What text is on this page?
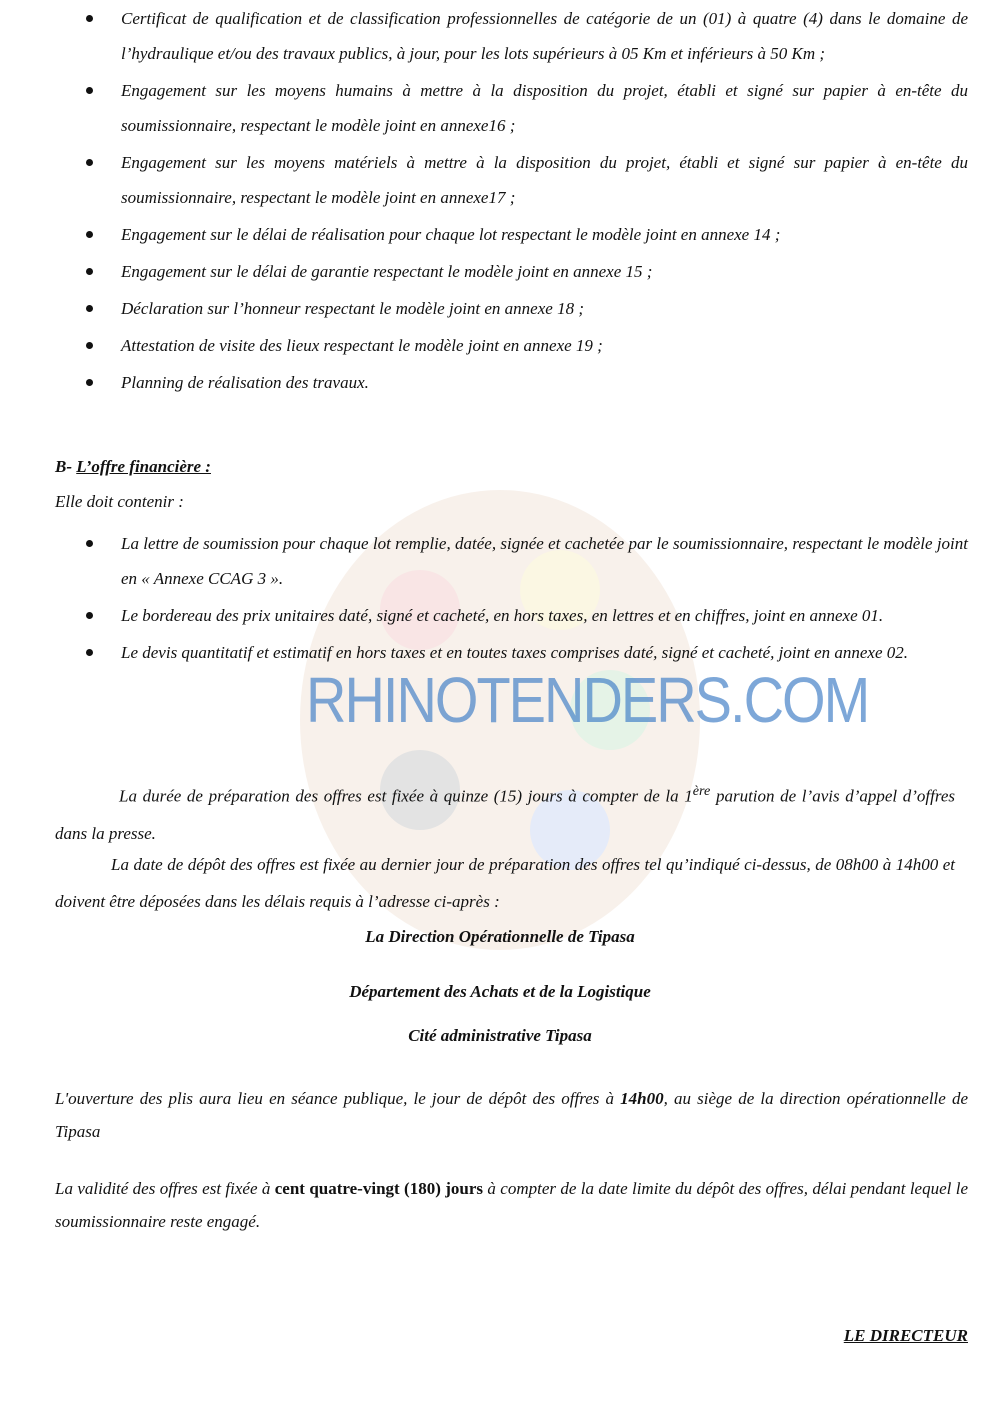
Certificat de qualification et de classification professionnelles de catégorie de un (01) à quatre (4) dans le domaine de l’hydraulique et/ou des travaux publics, à jour, pour les lots supérieurs à 05 Km et inférieurs à 50 Km ;
Engagement sur les moyens humains à mettre à la disposition du projet, établi et signé sur papier à en-tête du soumissionnaire, respectant le modèle joint en annexe16 ;
Engagement sur les moyens matériels à mettre à la disposition du projet, établi et signé sur papier à en-tête du soumissionnaire, respectant le modèle joint en annexe17 ;
Engagement sur le délai de réalisation pour chaque lot respectant le modèle joint en annexe 14 ;
Engagement sur le délai de garantie respectant le modèle joint en annexe 15 ;
Déclaration sur l’honneur respectant le modèle joint en annexe 18 ;
Attestation de visite des lieux respectant le modèle joint en annexe 19 ;
Planning de réalisation des travaux.
B- L’offre financière :
Elle doit contenir :
La lettre de soumission pour chaque lot remplie, datée, signée et cachetée par le soumissionnaire, respectant le modèle joint en « Annexe CCAG 3 ».
Le bordereau des prix unitaires daté, signé et cacheté, en hors taxes, en lettres et en chiffres, joint en annexe 01.
Le devis quantitatif et estimatif en hors taxes et en toutes taxes comprises daté, signé et cacheté, joint en annexe 02.
La durée de préparation des offres est fixée à quinze (15) jours à compter de la 1ère parution de l’avis d’appel d’offres dans la presse.
La date de dépôt des offres est fixée au dernier jour de préparation des offres tel qu’indiqué ci-dessus, de 08h00 à 14h00 et doivent être déposées dans les délais requis à l’adresse ci-après :
La Direction Opérationnelle de Tipasa
Département des Achats et de la Logistique
Cité administrative Tipasa
L'ouverture des plis aura lieu en séance publique, le jour de dépôt des offres à 14h00, au siège de la direction opérationnelle de Tipasa
La validité des offres est fixée à cent quatre-vingt (180) jours à compter de la date limite du dépôt des offres, délai pendant lequel le soumissionnaire reste engagé.
LE DIRECTEUR
RHINOTENDERS.COM
